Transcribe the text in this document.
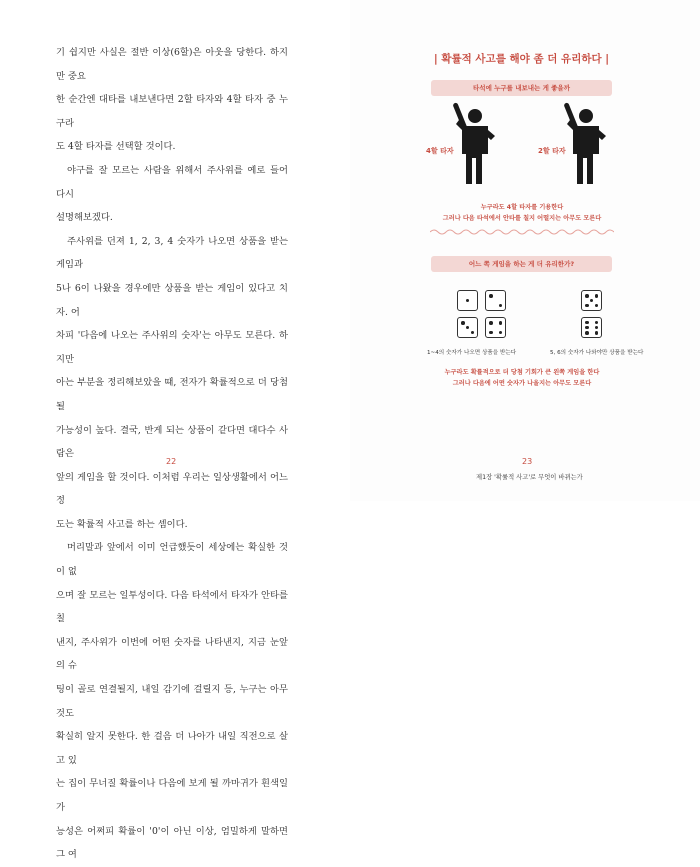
기 쉽지만 사실은 절반 이상(6할)은 아웃을 당한다. 하지만 중요
한 순간엔 대타를 내보낸다면 2할 타자와 4할 타자 중 누구라
도 4할 타자를 선택할 것이다.

야구를 잘 모르는 사람을 위해서 주사위를 예로 들어 다시
설명해보겠다.

주사위를 던져 1, 2, 3, 4 숫자가 나오면 상품을 받는 게임과
5나 6이 나왔을 경우에만 상품을 받는 게임이 있다고 치자. 어
차피 '다음에 나오는 주사위의 숫자'는 아무도 모른다. 하지만
아는 부분을 정리해보았을 때, 전자가 확률적으로 더 당첨될
가능성이 높다. 결국, 반게 되는 상품이 같다면 대다수 사람은
앞의 게임을 할 것이다. 이처럼 우리는 일상생활에서 어느 정
도는 확률적 사고를 하는 셈이다.

머리말과 앞에서 이미 언급했듯이 세상에는 확실한 것이 없
으며 잘 모르는 일투성이다. 다음 타석에서 타자가 안타를 칠
낸지, 주사위가 이번에 어떤 숫자를 나타낸지, 지금 눈앞의 슈
팅이 골로 연결될지, 내일 감기에 걸릴지 등, 누구는 아무것도
확실히 알지 못한다. 한 걸음 더 나아가 내일 직전으로 살고 있
는 집이 무너질 확률이나 다음에 보게 될 까마귀가 흰색일 가
능성은 어쩌피 확률이 '0'이 아닌 이상, 엄밀하게 말하면 그 여

22
| 확률적 사고를 해야 좀 더 유리하다 |
타석에 누구를 내보내는 게 좋을까
4할 타자	2할 타자
누구라도 4할 타자를 기용한다
그러나 다음 타석에서 안타를 칠지 어떨지는 아무도 모른다
어느 쪽 게임을 하는 게 더 유리한가?
1~4의 숫자가 나오면 상품을 받는다	5, 6의 숫자가 나와야만 상품을 받는다
누구라도 확률적으로 더 당첨 기회가 큰 왼쪽 게임을 한다
그러나 다음에 어떤 숫자가 나올지는 아무도 모른다
23
제1장 '확률적 사고'로 무엇이 바뀌는가
